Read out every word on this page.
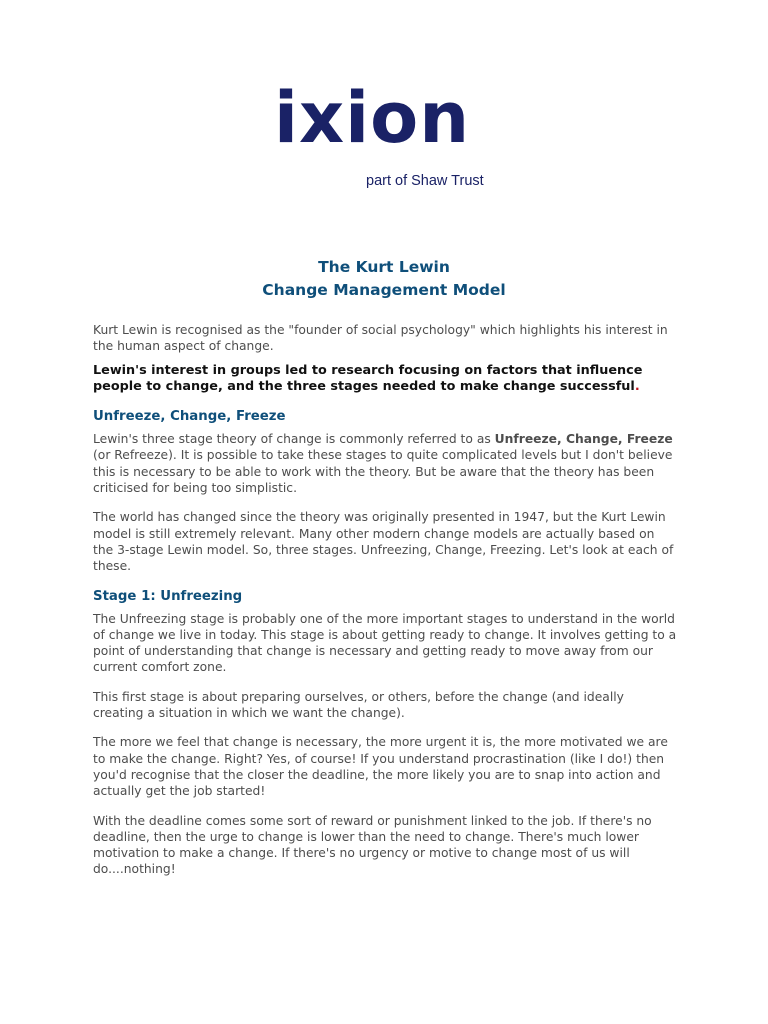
ixion
part of Shaw Trust
The Kurt Lewin
Change Management Model

Kurt Lewin is recognised as the "founder of social psychology" which highlights his interest in the human aspect of change.

Lewin's interest in groups led to research focusing on factors that influence people to change, and the three stages needed to make change successful.

Unfreeze, Change, Freeze

Lewin's three stage theory of change is commonly referred to as Unfreeze, Change, Freeze (or Refreeze). It is possible to take these stages to quite complicated levels but I don't believe this is necessary to be able to work with the theory. But be aware that the theory has been criticised for being too simplistic.

The world has changed since the theory was originally presented in 1947, but the Kurt Lewin model is still extremely relevant. Many other modern change models are actually based on the 3-stage Lewin model. So, three stages. Unfreezing, Change, Freezing. Let's look at each of these.

Stage 1: Unfreezing

The Unfreezing stage is probably one of the more important stages to understand in the world of change we live in today. This stage is about getting ready to change. It involves getting to a point of understanding that change is necessary and getting ready to move away from our current comfort zone.

This first stage is about preparing ourselves, or others, before the change (and ideally creating a situation in which we want the change).

The more we feel that change is necessary, the more urgent it is, the more motivated we are to make the change. Right? Yes, of course! If you understand procrastination (like I do!) then you'd recognise that the closer the deadline, the more likely you are to snap into action and actually get the job started!

With the deadline comes some sort of reward or punishment linked to the job. If there's no deadline, then the urge to change is lower than the need to change. There's much lower motivation to make a change. If there's no urgency or motive to change most of us will do....nothing!
